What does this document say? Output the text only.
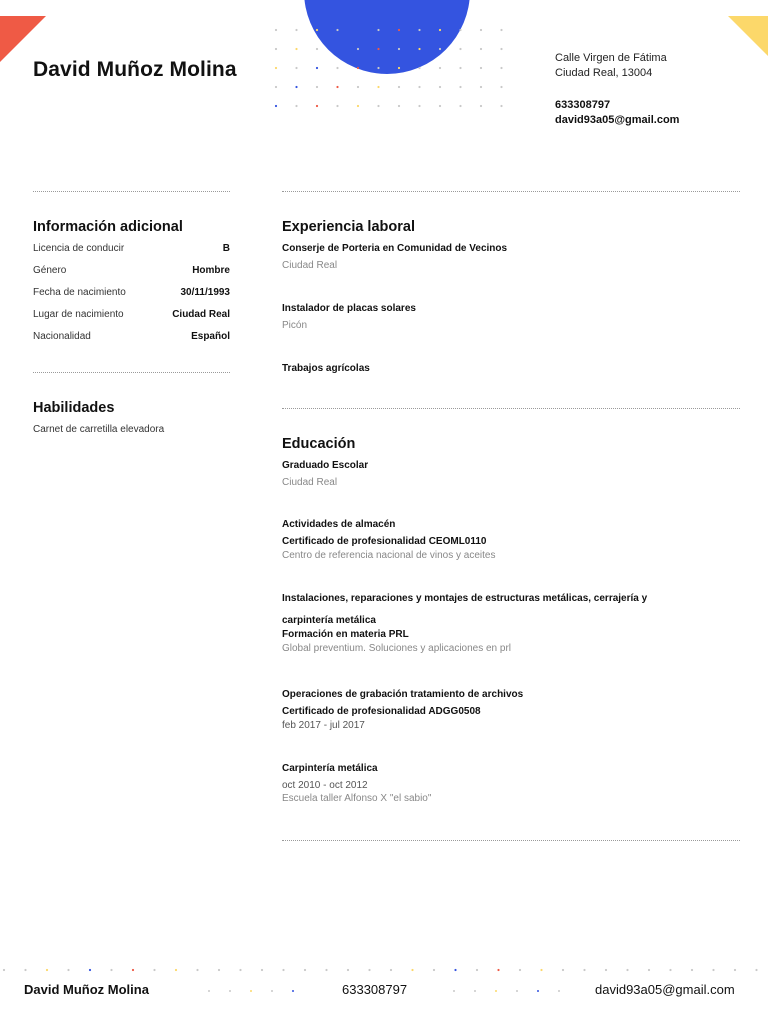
David Muñoz Molina	Calle Virgen de Fátima
Ciudad Real, 13004
633308797
david93a05@gmail.com
Información adicional
Licencia de conducir	B
Género	Hombre
Fecha de nacimiento	30/11/1993
Lugar de nacimiento	Ciudad Real
Nacionalidad	Español
Habilidades
Carnet de carretilla elevadora
Experiencia laboral
Conserje de Porteria en Comunidad de Vecinos
Ciudad Real
Instalador de placas solares
Picón
Trabajos agrícolas
Educación
Graduado Escolar
Ciudad Real
Actividades de almacén
Certificado de profesionalidad CEOML0110
Centro de referencia nacional de vinos y aceites
Instalaciones, reparaciones y montajes de estructuras metálicas, cerrajería y
carpintería metálica
Formación en materia PRL
Global preventium. Soluciones y aplicaciones en prl
Operaciones de grabación tratamiento de archivos
Certificado de profesionalidad ADGG0508
feb 2017 - jul 2017
Carpintería metálica
oct 2010 - oct 2012
Escuela taller Alfonso X "el sabio"
David Muñoz Molina	633308797	david93a05@gmail.com
